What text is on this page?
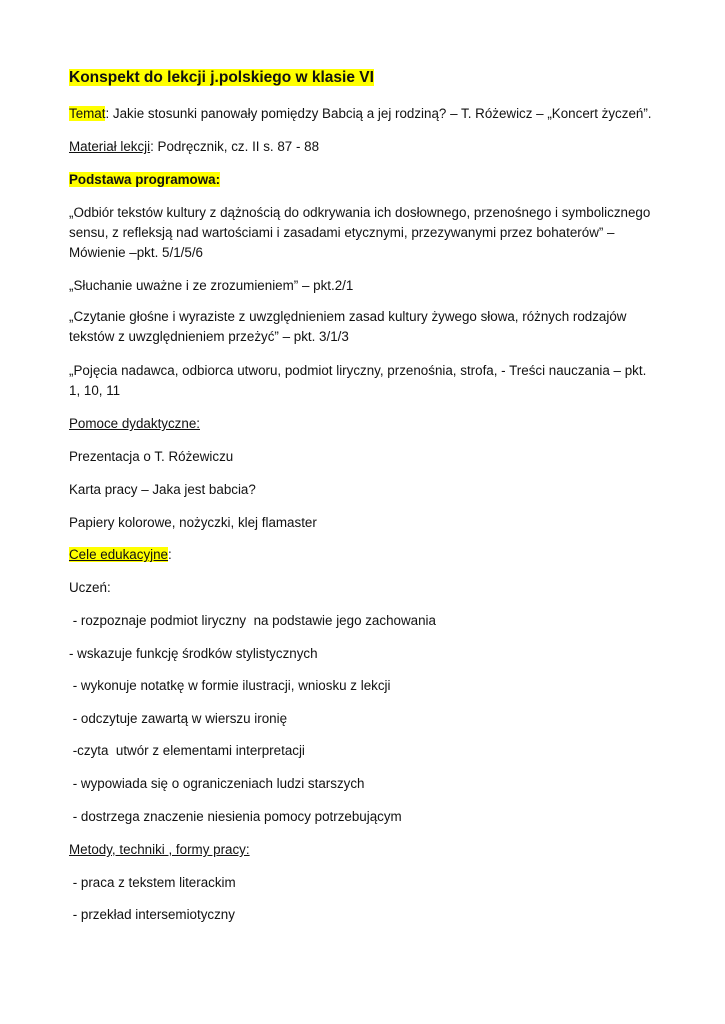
Konspekt do lekcji j.polskiego w klasie VI
Temat: Jakie stosunki panowały pomiędzy Babcią a jej rodziną? – T. Różewicz – „Koncert życzeń”.
Materiał lekcji: Podręcznik, cz. II s. 87 - 88
Podstawa programowa:
„Odbiór tekstów kultury z dążnością do odkrywania ich dosłownego, przenośnego i symbolicznego
sensu, z refleksją nad wartościami i zasadami etycznymi, przezywanymi przez bohaterów” –
Mówienie –pkt. 5/1/5/6
„Słuchanie uważne i ze zrozumieniem” – pkt.2/1
„Czytanie głośne i wyraziste z uwzględnieniem zasad kultury żywego słowa, różnych rodzajów
tekstów z uwzględnieniem przeżyć” – pkt. 3/1/3
„Pojęcia nadawca, odbiorca utworu, podmiot liryczny, przenośnia, strofa, - Treści nauczania – pkt.
1, 10, 11
Pomoce dydaktyczne:
Prezentacja o T. Różewiczu
Karta pracy – Jaka jest babcia?
Papiery kolorowe, nożyczki, klej flamaster
Cele edukacyjne:
Uczeń:
- rozpoznaje podmiot liryczny  na podstawie jego zachowania
- wskazuje funkcję środków stylistycznych
- wykonuje notatkę w formie ilustracji, wniosku z lekcji
- odczytuje zawartą w wierszu ironię
-czyta  utwór z elementami interpretacji
- wypowiada się o ograniczeniach ludzi starszych
- dostrzega znaczenie niesienia pomocy potrzebującym
Metody, techniki , formy pracy:
- praca z tekstem literackim
- przekład intersemiotyczny
